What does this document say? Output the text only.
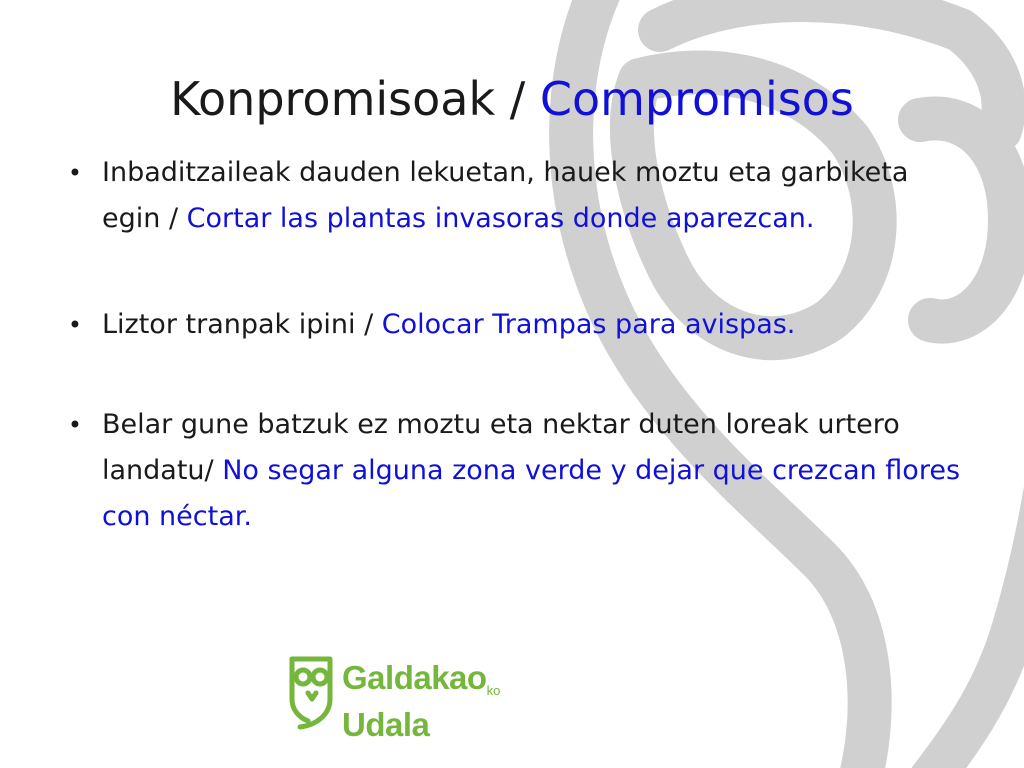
Konpromisoak / Compromisos
• Inbaditzaileak dauden lekuetan, hauek moztu eta garbiketa egin / Cortar las plantas invasoras donde aparezcan.
• Liztor tranpak ipini / Colocar Trampas para avispas.
• Belar gune batzuk ez moztu eta nektar duten loreak urtero landatu/ No segar alguna zona verde y dejar que crezcan flores con néctar.
Galdakaoko
Udala
